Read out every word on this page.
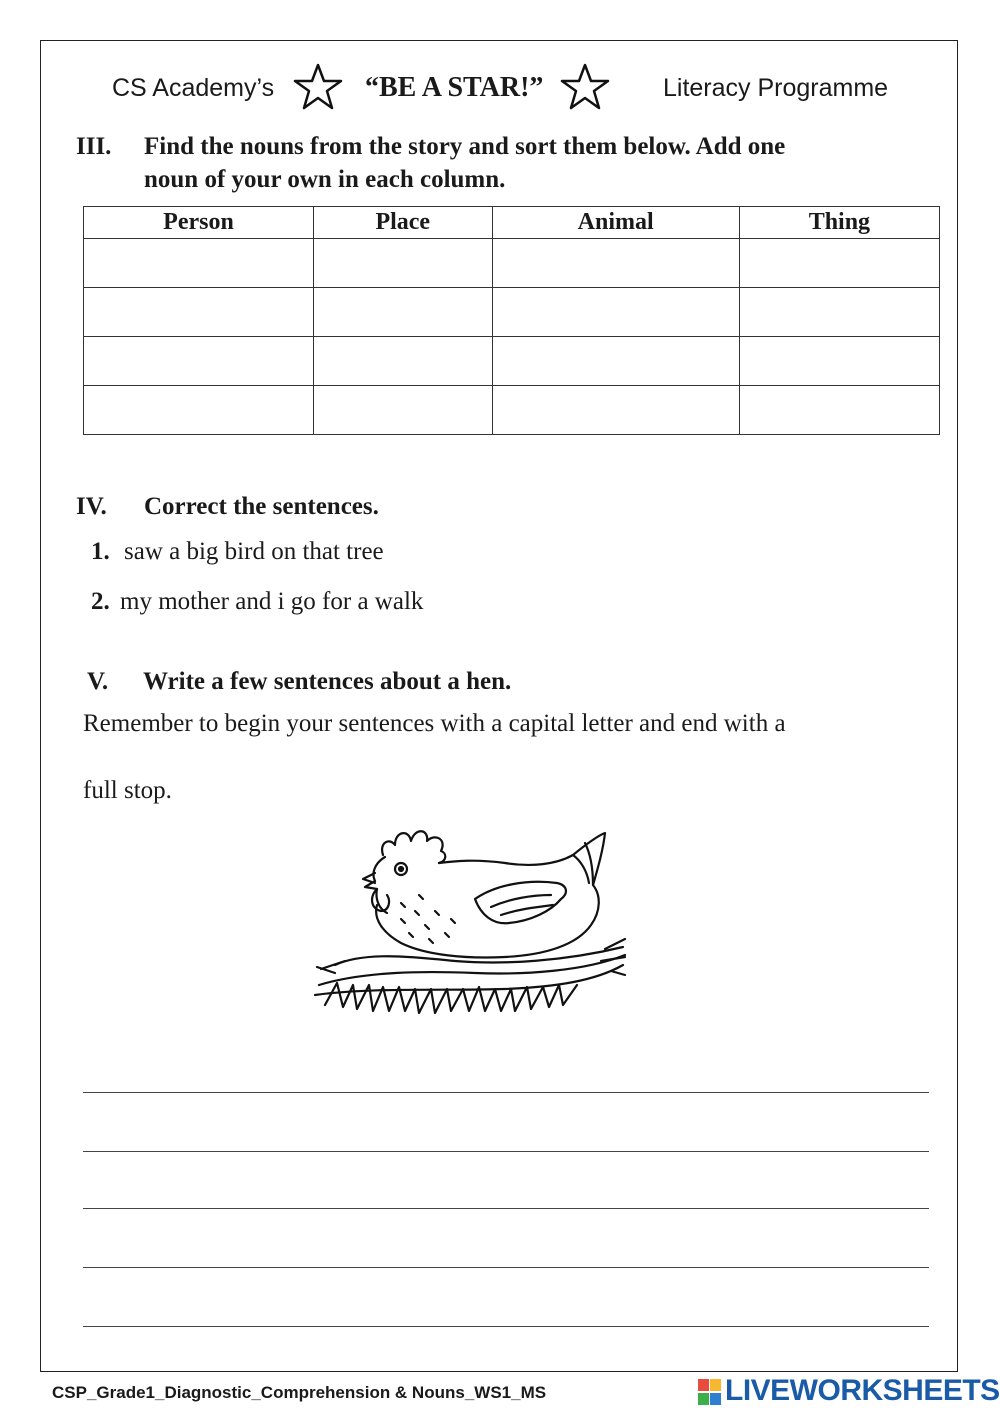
CS Academy’s	“BE A STAR!”	Literacy Programme
III. Find the nouns from the story and sort them below. Add one
noun of your own in each column.
Person	Place	Animal	Thing

IV. Correct the sentences.
1. saw a big bird on that tree
2. my mother and i go for a walk
V. Write a few sentences about a hen.
Remember to begin your sentences with a capital letter and end with a
full stop.
CSP_Grade1_Diagnostic_Comprehension & Nouns_WS1_MS	LIVEWORKSHEETS
